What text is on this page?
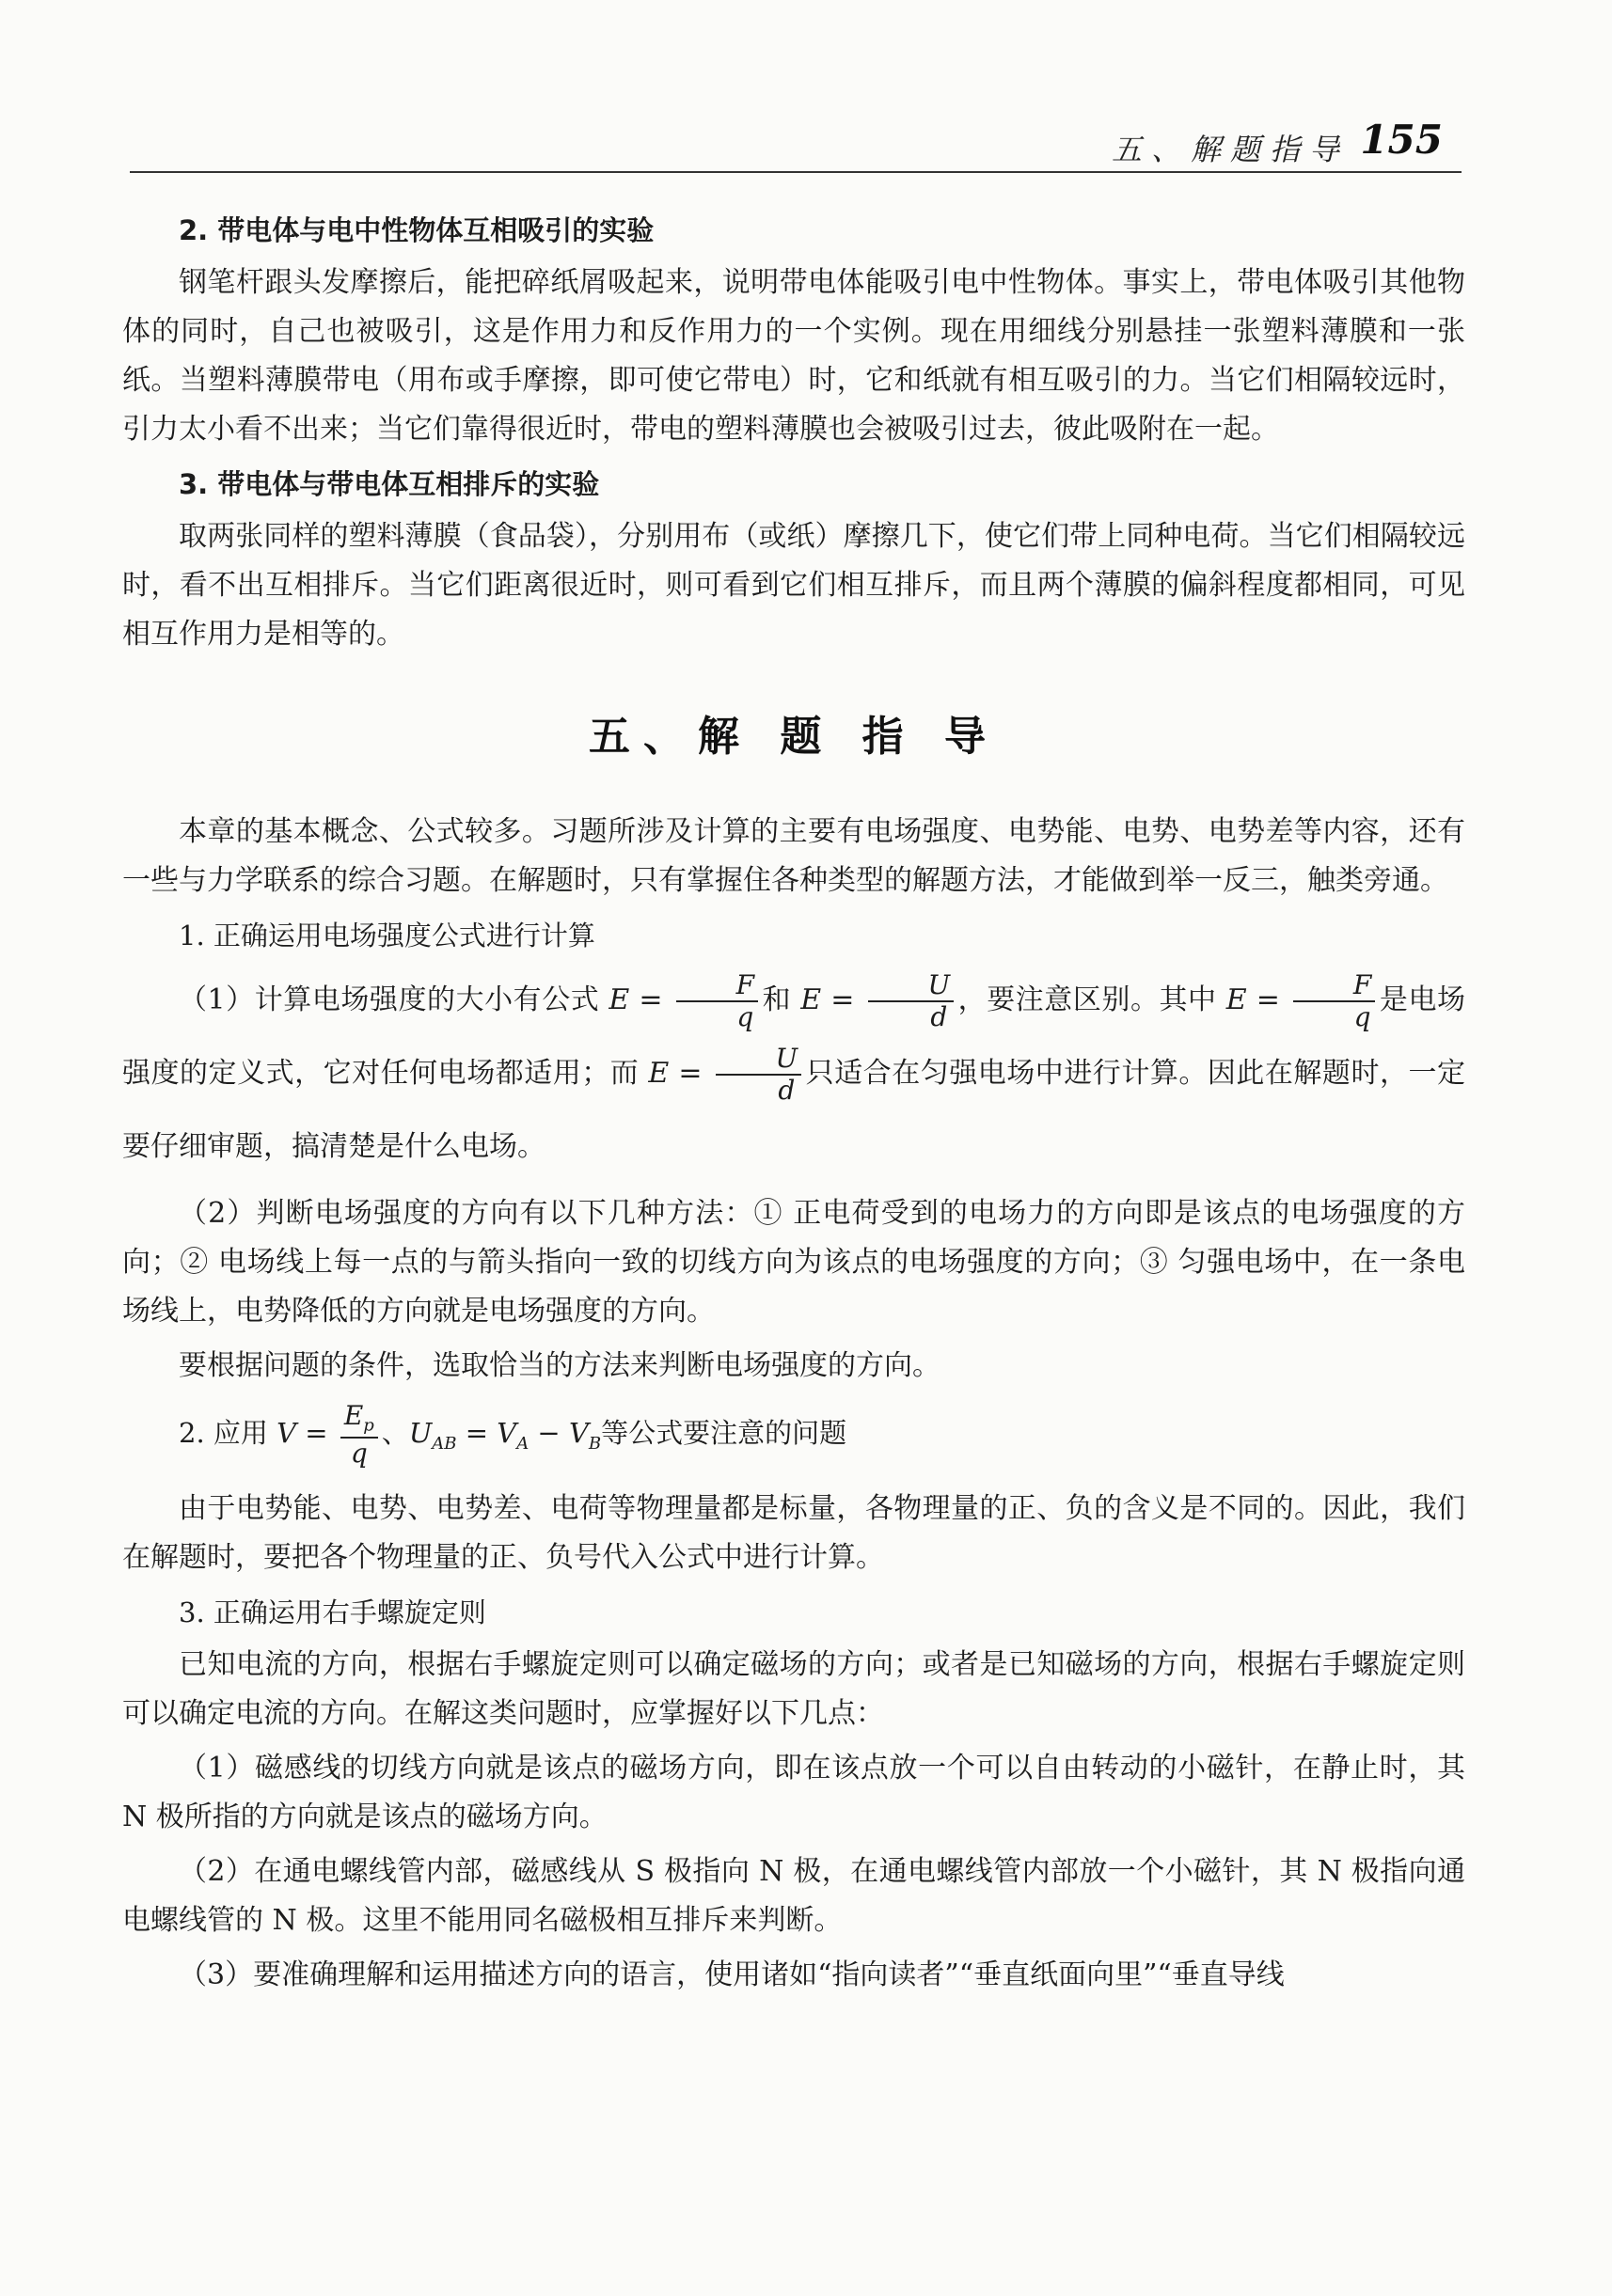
五、解题指导 155
2. 带电体与电中性物体互相吸引的实验

钢笔杆跟头发摩擦后，能把碎纸屑吸起来，说明带电体能吸引电中性物体。事实上，带电体吸引其他物体的同时，自己也被吸引，这是作用力和反作用力的一个实例。现在用细线分别悬挂一张塑料薄膜和一张纸。当塑料薄膜带电（用布或手摩擦，即可使它带电）时，它和纸就有相互吸引的力。当它们相隔较远时，引力太小看不出来；当它们靠得很近时，带电的塑料薄膜也会被吸引过去，彼此吸附在一起。

3. 带电体与带电体互相排斥的实验

取两张同样的塑料薄膜（食品袋），分别用布（或纸）摩擦几下，使它们带上同种电荷。当它们相隔较远时，看不出互相排斥。当它们距离很近时，则可看到它们相互排斥，而且两个薄膜的偏斜程度都相同，可见相互作用力是相等的。

五、解 题 指 导

本章的基本概念、公式较多。习题所涉及计算的主要有电场强度、电势能、电势、电势差等内容，还有一些与力学联系的综合习题。在解题时，只有掌握住各种类型的解题方法，才能做到举一反三，触类旁通。

1. 正确运用电场强度公式进行计算

（1）计算电场强度的大小有公式 $E = \frac{F}{q}$ 和 $E = \frac{U}{d}$ ，要注意区别。其中 $E = \frac{F}{q}$ 是电场强度的定义式，它对任何电场都适用；而 $E = \frac{U}{d}$ 只适合在匀强电场中进行计算。因此在解题时，一定要仔细审题，搞清楚是什么电场。

（2）判断电场强度的方向有以下几种方法：① 正电荷受到的电场力的方向即是该点的电场强度的方向；② 电场线上每一点的与箭头指向一致的切线方向为该点的电场强度的方向；③ 匀强电场中，在一条电场线上，电势降低的方向就是电场强度的方向。

要根据问题的条件，选取恰当的方法来判断电场强度的方向。

2. 应用 $V = \frac{E_p}{q}$ 、$U_{AB} = V_A - V_B$等公式要注意的问题

由于电势能、电势、电势差、电荷等物理量都是标量，各物理量的正、负的含义是不同的。因此，我们在解题时，要把各个物理量的正、负号代入公式中进行计算。

3. 正确运用右手螺旋定则

已知电流的方向，根据右手螺旋定则可以确定磁场的方向；或者是已知磁场的方向，根据右手螺旋定则可以确定电流的方向。在解这类问题时，应掌握好以下几点：

（1）磁感线的切线方向就是该点的磁场方向，即在该点放一个可以自由转动的小磁针，在静止时，其 N 极所指的方向就是该点的磁场方向。

（2）在通电螺线管内部，磁感线从 S 极指向 N 极，在通电螺线管内部放一个小磁针，其 N 极指向通电螺线管的 N 极。这里不能用同名磁极相互排斥来判断。

（3）要准确理解和运用描述方向的语言，使用诸如“指向读者”“垂直纸面向里”“垂直导线
